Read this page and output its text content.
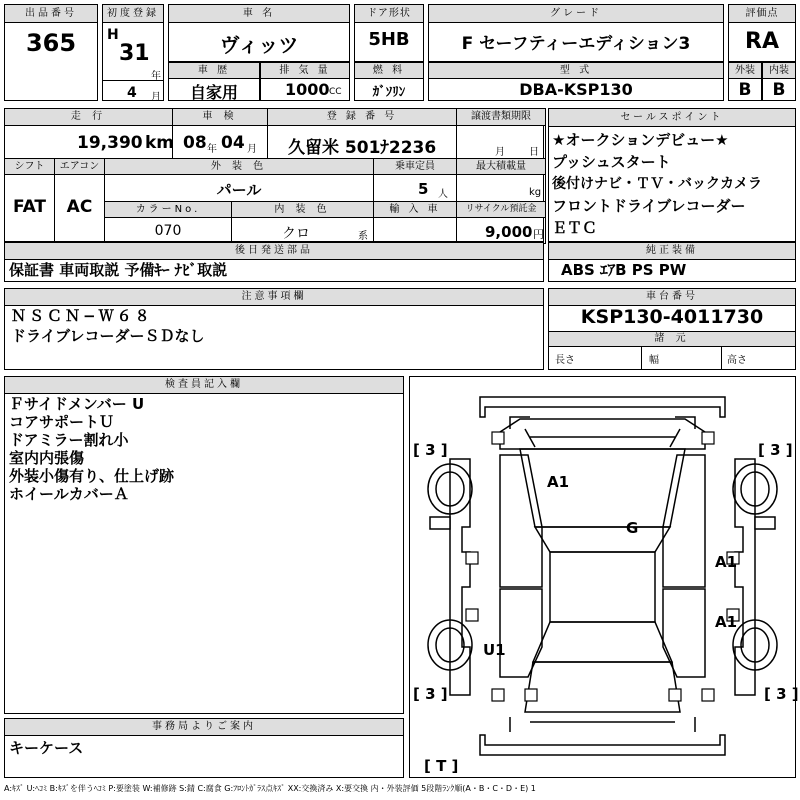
出品番号
365
初度登録
H
31
年
4 月
車 名
ヴィッツ
車 歴
自家用
排 気 量
1000 CC
ドア形状
5HB
燃 料
ｶﾞｿﾘﾝ
グレード
F セーフティーエディション3
型 式
DBA-KSP130
評価点
RA
外装
B
内装
B
走 行	車 検	登 録 番 号	譲渡書類期限
19,390 km 08 年 04 月 久留米 501ﾅ2236	月 日
シフト	エアコン
FAT	AC
外 装 色
パール
カラーNo.	内 装 色
070	クロ	系
乗車定員	最大積載量
5 人	kg
輸 入 車	リサイクル預託金
9,000 円
セールスポイント
★オークションデビュー★
プッシュスタート
後付けナビ・ＴＶ・バックカメラ
フロントドライブレコーダー
ＥＴＣ
後日発送部品
保証書 車両取説 予備ｷｰ ﾅﾋﾞ取説
純正装備
ABS ｴｱB PS PW
注意事項欄
ＮＳＣＮ−Ｗ６８
ドライブレコーダーＳＤなし
車台番号
KSP130-4011730
諸 元
長さ	幅	高さ
検査員記入欄
Ｆサイドメンバー U
コアサポートＵ
ドアミラー割れ小
室内内張傷
外装小傷有り、仕上げ跡
ホイールカバーＡ
事務局よりご案内
キーケース
[ 3 ]	[ 3 ]
[ 3 ]	[ 3 ]
[ T ]
A1
G
A1
A1
U1
A:ｷｽﾞ U:ﾍｺﾐ B:ｷｽﾞを伴うﾍｺﾐ P:要塗装 W:補修跡 S:錆 C:腐食 G:ﾌﾛﾝﾄｶﾞﾗｽ点ｷｽﾞ XX:交換済み X:要交換 内・外装評価 5段階ﾗﾝｸ順(A・B・C・D・E) 1
